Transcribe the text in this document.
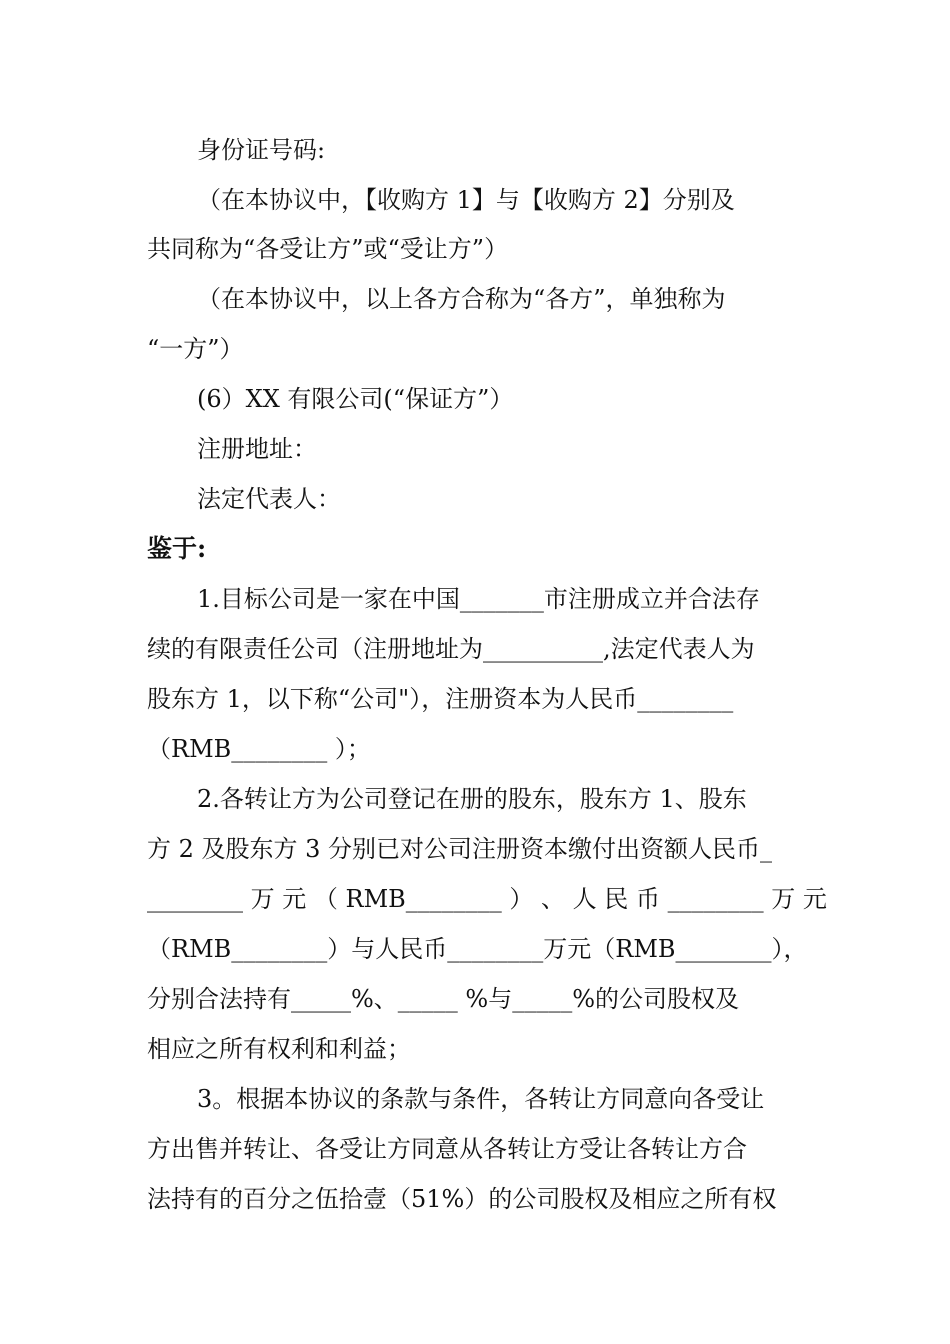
身份证号码:
（在本协议中，【收购方 1】与【收购方 2】分别及
共同称为“各受让方”或“受让方”）
（在本协议中，以上各方合称为“各方”，单独称为
“一方”）
(6）XX 有限公司(“保证方”）
注册地址：
法定代表人：
鉴于:
1.目标公司是一家在中国_______市注册成立并合法存
续的有限责任公司（注册地址为__________,法定代表人为
股东方 1，以下称“公司"），注册资本为人民币________
（RMB________ ）；
2.各转让方为公司登记在册的股东，股东方 1、股东
方 2 及股东方 3 分别已对公司注册资本缴付出资额人民币_
________ 万 元 （ RMB________ ） 、 人 民 币 ________ 万 元
（RMB________）与人民币________万元（RMB________），
分别合法持有_____%、_____ %与_____%的公司股权及
相应之所有权利和利益；
3。根据本协议的条款与条件，各转让方同意向各受让
方出售并转让、各受让方同意从各转让方受让各转让方合
法持有的百分之伍拾壹（51%）的公司股权及相应之所有权
